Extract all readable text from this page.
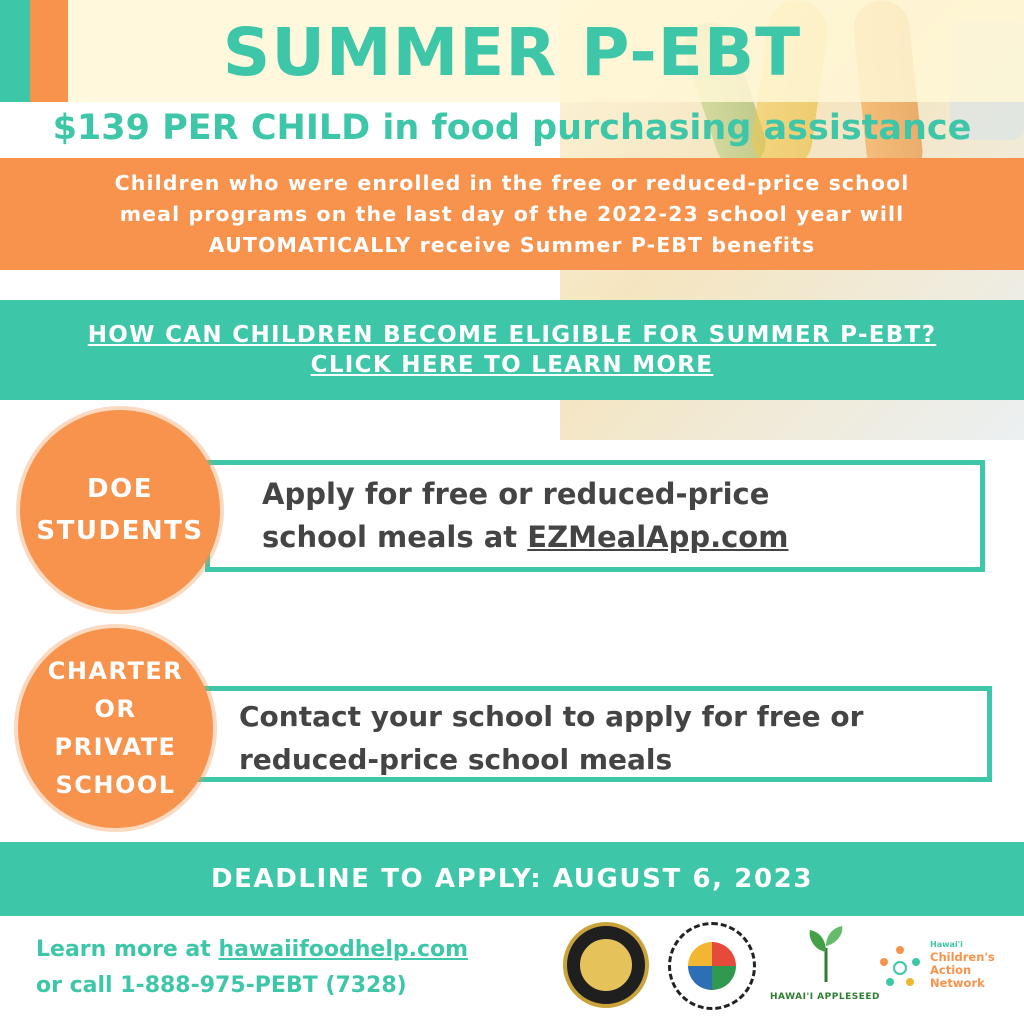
SUMMER P-EBT
$139 PER CHILD in food purchasing assistance

Children who were enrolled in the free or reduced-price school
meal programs on the last day of the 2022-23 school year will
AUTOMATICALLY receive Summer P-EBT benefits

HOW CAN CHILDREN BECOME ELIGIBLE FOR SUMMER P-EBT?
CLICK HERE TO LEARN MORE
Apply for free or reduced-price
school meals at EZMealApp.com
DOE
STUDENTS
Contact your school to apply for free or
reduced-price school meals
CHARTER
OR
PRIVATE
SCHOOL
DEADLINE TO APPLY: AUGUST 6, 2023
Learn more at hawaiifoodhelp.com
or call 1-888-975-PEBT (7328)	HAWAI'I APPLESEED
Hawai'i
Children's
Action
Network
